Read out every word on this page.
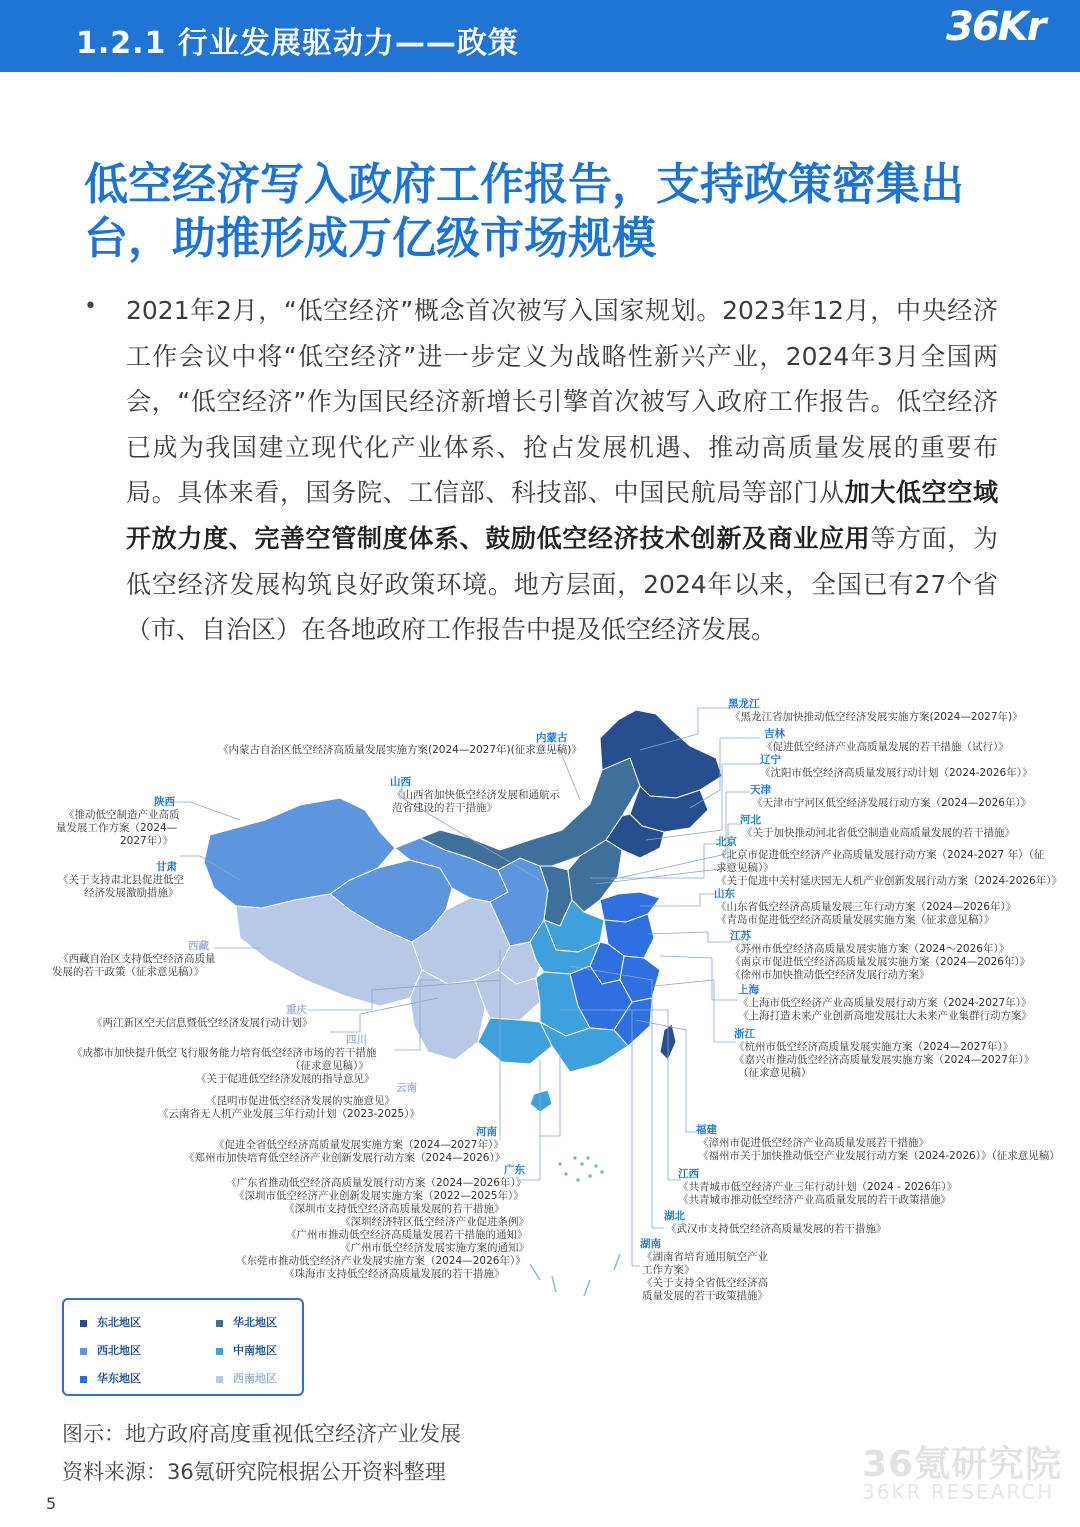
1.2.1 行业发展驱动力——政策	36Kr
低空经济写入政府工作报告，支持政策密集出台，助推形成万亿级市场规模
• 2021年2月，“低空经济”概念首次被写入国家规划。2023年12月，中央经济工作会议中将“低空经济”进一步定义为战略性新兴产业，2024年3月全国两会，“低空经济”作为国民经济新增长引擎首次被写入政府工作报告。低空经济已成为我国建立现代化产业体系、抢占发展机遇、推动高质量发展的重要布局。具体来看，国务院、工信部、科技部、中国民航局等部门从加大低空空域开放力度、完善空管制度体系、鼓励低空经济技术创新及商业应用等方面，为低空经济发展构筑良好政策环境。地方层面，2024年以来，全国已有27个省（市、自治区）在各地政府工作报告中提及低空经济发展。
内蒙古
《内蒙古自治区低空经济高质量发展实施方案(2024—2027年)(征求意见稿)》
山西
《山西省加快低空经济发展和通航示
范省建设的若干措施》
陕西
《推动低空制造产业高质
量发展工作方案（2024—
2027年）》
甘肃
《关于支持肃北县促进低空
经济发展激励措施》
西藏
《西藏自治区支持低空经济高质量
发展的若干政策（征求意见稿）》
重庆
《两江新区空天信息暨低空经济发展行动计划》
四川
《成都市加快提升低空飞行服务能力培育低空经济市场的若干措施
（征求意见稿）》
《关于促进低空经济发展的指导意见》
云南
《昆明市促进低空经济发展的实施意见》
《云南省无人机产业发展三年行动计划（2023-2025）》
河南
《促进全省低空经济高质量发展实施方案（2024—2027年）》
《郑州市加快培育低空经济产业创新发展行动方案（2024—2026）》
广东
《广东省推动低空经济高质量发展行动方案（2024—2026年）》
《深圳市低空经济产业创新发展实施方案（2022—2025年）》
《深圳市支持低空经济高质量发展的若干措施》
《深圳经济特区低空经济产业促进条例》
《广州市推动低空经济高质量发展若干措施的通知》
《广州市低空经济发展实施方案的通知》
《东莞市推动低空经济产业发展实施方案（2024—2026年）》
《珠海市支持低空经济高质量发展的若干措施》
黑龙江
《黑龙江省加快推动低空经济发展实施方案(2024—2027年)》
吉林
《促进低空经济产业高质量发展的若干措施（试行）》
辽宁
《沈阳市低空经济高质量发展行动计划（2024-2026年）》
天津
《天津市宁河区低空经济发展行动方案（2024—2026年）》
河北
《关于加快推动河北省低空制造业高质量发展的若干措施》
北京
《北京市促进低空经济产业高质量发展行动方案（2024-2027 年）（征
求意见稿）》
《关于促进中关村延庆园无人机产业创新发展行动方案（2024-2026年）》
山东
《山东省低空经济高质量发展三年行动方案（2024—2026年）》
《青岛市促进低空经济高质量发展实施方案（征求意见稿）》
江苏
《苏州市低空经济高质量发展实施方案（2024～2026年）》
《南京市促进低空经济高质量发展实施方案（2024—2026年）》
《徐州市加快推动低空经济发展行动方案》
上海
《上海市低空经济产业高质量发展行动方案（2024-2027年）》
《上海打造未来产业创新高地发展壮大未来产业集群行动方案》
浙江
《杭州市低空经济高质量发展实施方案（2024—2027年）》
《嘉兴市推动低空经济高质量发展实施方案（2024—2027年）》
（征求意见稿）
福建
《漳州市促进低空经济产业高质量发展若干措施》
《福州市关于加快推动低空产业发展行动方案（2024-2026）》（征求意见稿）
江西
《共青城市低空经济产业三年行动计划（2024 - 2026年）》
《共青城市推动低空经济产业高质量发展的若干政策措施》
湖北
《武汉市支持低空经济高质量发展的若干措施》
湖南
《湖南省培育通用航空产业
工作方案》
《关于支持全省低空经济高
质量发展的若干政策措施》
东北地区	华北地区
西北地区	中南地区
华东地区	西南地区
图示：地方政府高度重视低空经济产业发展
资料来源：36氪研究院根据公开资料整理	36氪研究院
36KR RESEARCH
5
